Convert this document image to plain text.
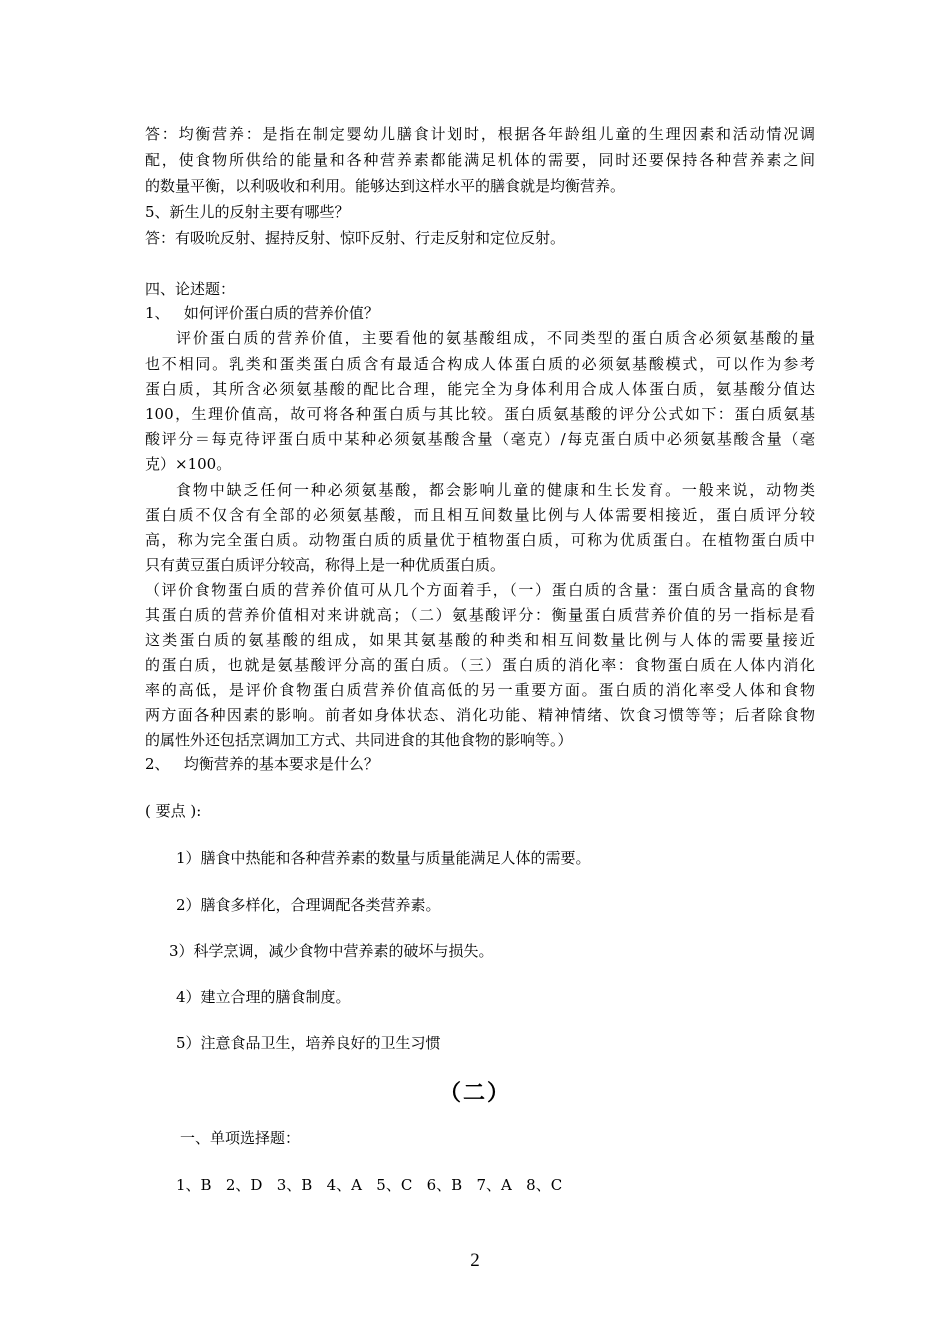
答：均衡营养：是指在制定婴幼儿膳食计划时，根据各年龄组儿童的生理因素和活动情况调
配，使食物所供给的能量和各种营养素都能满足机体的需要，同时还要保持各种营养素之间
的数量平衡，以利吸收和利用。能够达到这样水平的膳食就是均衡营养。
5、新生儿的反射主要有哪些？
答：有吸吮反射、握持反射、惊吓反射、行走反射和定位反射。
四、论述题：
1、   如何评价蛋白质的营养价值？
评价蛋白质的营养价值，主要看他的氨基酸组成，不同类型的蛋白质含必须氨基酸的量
也不相同。乳类和蛋类蛋白质含有最适合构成人体蛋白质的必须氨基酸模式，可以作为参考
蛋白质，其所含必须氨基酸的配比合理，能完全为身体利用合成人体蛋白质，氨基酸分值达
100，生理价值高，故可将各种蛋白质与其比较。蛋白质氨基酸的评分公式如下：蛋白质氨基
酸评分＝每克待评蛋白质中某种必须氨基酸含量（毫克）/每克蛋白质中必须氨基酸含量（毫
克）×100。
食物中缺乏任何一种必须氨基酸，都会影响儿童的健康和生长发育。一般来说，动物类
蛋白质不仅含有全部的必须氨基酸，而且相互间数量比例与人体需要相接近，蛋白质评分较
高，称为完全蛋白质。动物蛋白质的质量优于植物蛋白质，可称为优质蛋白。在植物蛋白质中
只有黄豆蛋白质评分较高，称得上是一种优质蛋白质。
（评价食物蛋白质的营养价值可从几个方面着手，（一）蛋白质的含量：蛋白质含量高的食物
其蛋白质的营养价值相对来讲就高；（二）氨基酸评分：衡量蛋白质营养价值的另一指标是看
这类蛋白质的氨基酸的组成，如果其氨基酸的种类和相互间数量比例与人体的需要量接近
的蛋白质，也就是氨基酸评分高的蛋白质。（三）蛋白质的消化率：食物蛋白质在人体内消化
率的高低，是评价食物蛋白质营养价值高低的另一重要方面。蛋白质的消化率受人体和食物
两方面各种因素的影响。前者如身体状态、消化功能、精神情绪、饮食习惯等等；后者除食物
的属性外还包括烹调加工方式、共同进食的其他食物的影响等。）
2、   均衡营养的基本要求是什么？
( 要点 ):
1）膳食中热能和各种营养素的数量与质量能满足人体的需要。
2）膳食多样化，合理调配各类营养素。
3）科学烹调，减少食物中营养素的破坏与损失。
4）建立合理的膳食制度。
5）注意食品卫生，培养良好的卫生习惯
（二）
一、单项选择题：
1、B   2、D   3、B   4、A   5、C   6、B   7、A   8、C
2
